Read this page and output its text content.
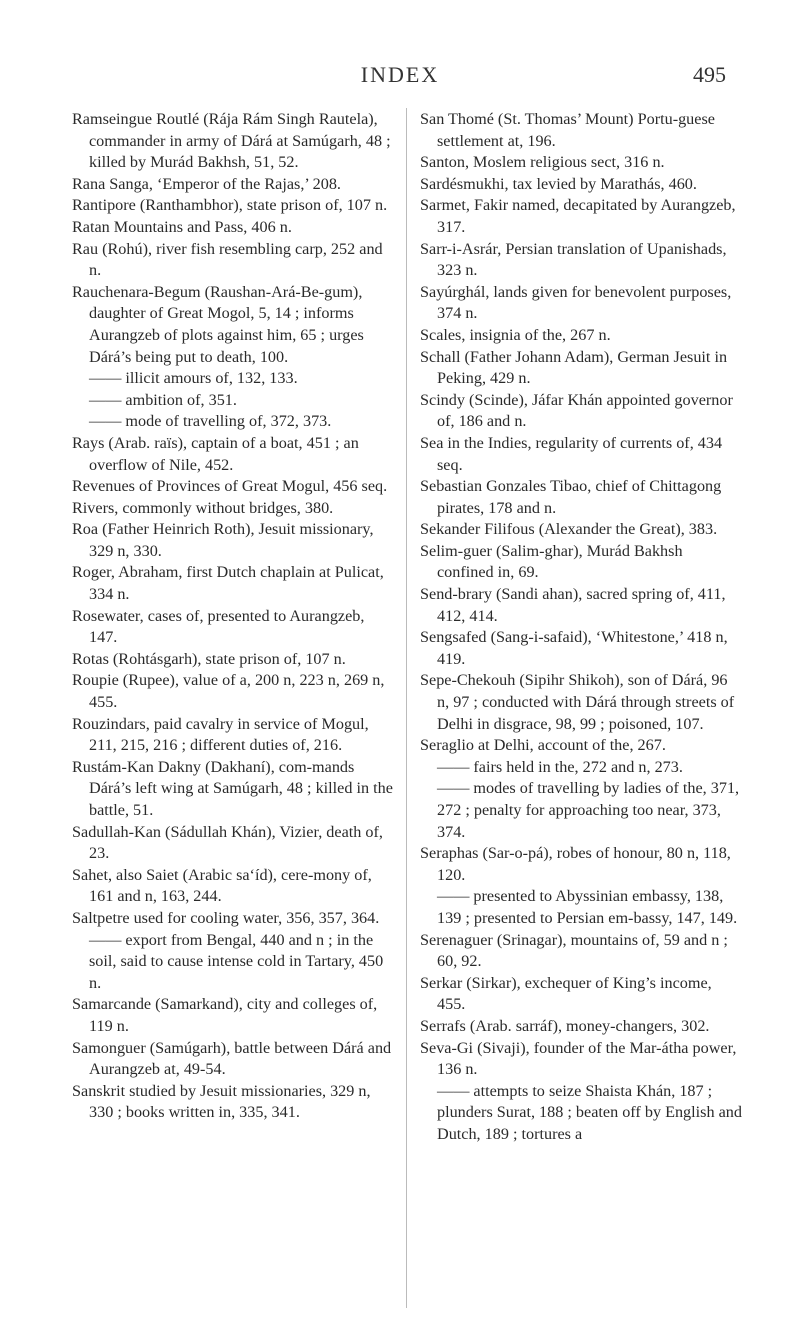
INDEX	495

Ramseingue Routlé (Rája Rám Singh Rautela), commander in army of Dárá at Samúgarh, 48 ; killed by Murád Bakhsh, 51, 52.

Rana Sanga, ‘Emperor of the Rajas,’ 208.

Rantipore (Ranthambhor), state prison of, 107 n.

Ratan Mountains and Pass, 406 n.

Rau (Rohú), river fish resembling carp, 252 and n.

Rauchenara-Begum (Raushan-Ará-Be-gum), daughter of Great Mogol, 5, 14 ; informs Aurangzeb of plots against him, 65 ; urges Dárá’s being put to death, 100.

—— illicit amours of, 132, 133.

—— ambition of, 351.

—— mode of travelling of, 372, 373.

Rays (Arab. raïs), captain of a boat, 451 ; an overflow of Nile, 452.

Revenues of Provinces of Great Mogul, 456 seq.

Rivers, commonly without bridges, 380.

Roa (Father Heinrich Roth), Jesuit missionary, 329 n, 330.

Roger, Abraham, first Dutch chaplain at Pulicat, 334 n.

Rosewater, cases of, presented to Aurangzeb, 147.

Rotas (Rohtásgarh), state prison of, 107 n.

Roupie (Rupee), value of a, 200 n, 223 n, 269 n, 455.

Rouzindars, paid cavalry in service of Mogul, 211, 215, 216 ; different duties of, 216.

Rustám-Kan Dakny (Dakhaní), com-mands Dárá’s left wing at Samúgarh, 48 ; killed in the battle, 51.

Sadullah-Kan (Sádullah Khán), Vizier, death of, 23.

Sahet, also Saiet (Arabic sa‘íd), cere-mony of, 161 and n, 163, 244.

Saltpetre used for cooling water, 356, 357, 364.

—— export from Bengal, 440 and n ; in the soil, said to cause intense cold in Tartary, 450 n.

Samarcande (Samarkand), city and colleges of, 119 n.

Samonguer (Samúgarh), battle between Dárá and Aurangzeb at, 49-54.

Sanskrit studied by Jesuit missionaries, 329 n, 330 ; books written in, 335, 341.

San Thomé (St. Thomas’ Mount) Portu-guese settlement at, 196.

Santon, Moslem religious sect, 316 n.

Sardésmukhi, tax levied by Marathás, 460.

Sarmet, Fakir named, decapitated by Aurangzeb, 317.

Sarr-i-Asrár, Persian translation of Upanishads, 323 n.

Sayúrghál, lands given for benevolent purposes, 374 n.

Scales, insignia of the, 267 n.

Schall (Father Johann Adam), German Jesuit in Peking, 429 n.

Scindy (Scinde), Jáfar Khán appointed governor of, 186 and n.

Sea in the Indies, regularity of currents of, 434 seq.

Sebastian Gonzales Tibao, chief of Chittagong pirates, 178 and n.

Sekander Filifous (Alexander the Great), 383.

Selim-guer (Salim-ghar), Murád Bakhsh confined in, 69.

Send-brary (Sandi ahan), sacred spring of, 411, 412, 414.

Sengsafed (Sang-i-safaid), ‘Whitestone,’ 418 n, 419.

Sepe-Chekouh (Sipihr Shikoh), son of Dárá, 96 n, 97 ; conducted with Dárá through streets of Delhi in disgrace, 98, 99 ; poisoned, 107.

Seraglio at Delhi, account of the, 267.

—— fairs held in the, 272 and n, 273.

—— modes of travelling by ladies of the, 371, 272 ; penalty for approaching too near, 373, 374.

Seraphas (Sar-o-pá), robes of honour, 80 n, 118, 120.

—— presented to Abyssinian embassy, 138, 139 ; presented to Persian em-bassy, 147, 149.

Serenaguer (Srinagar), mountains of, 59 and n ; 60, 92.

Serkar (Sirkar), exchequer of King’s income, 455.

Serrafs (Arab. sarráf), money-changers, 302.

Seva-Gi (Sivaji), founder of the Mar-átha power, 136 n.

—— attempts to seize Shaista Khán, 187 ; plunders Surat, 188 ; beaten off by English and Dutch, 189 ; tortures a
